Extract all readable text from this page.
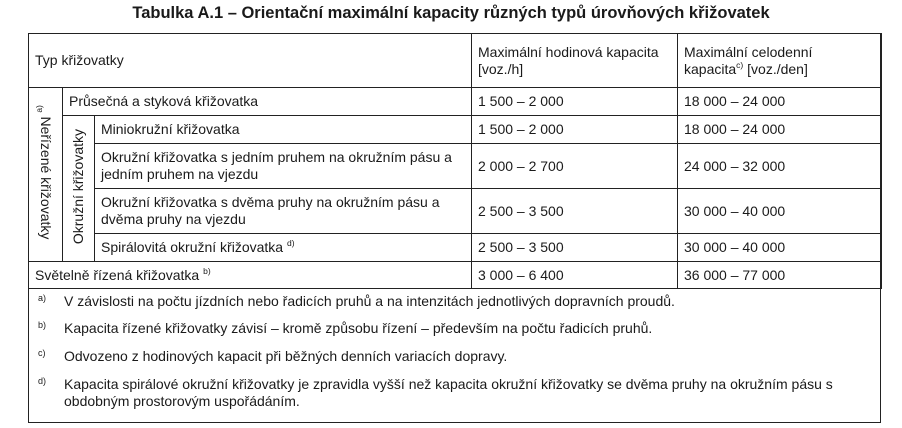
Tabulka A.1 – Orientační maximální kapacity různých typů úrovňových křižovatek
Typ křižovatky			Maximální hodinová kapacita [voz./h]	Maximální celodenní kapacita$^{c)}$ [voz./den]
Neřízené křižovatky $^{a)}$	Průsečná a styková křižovatka		1 500 – 2 000	18 000 – 24 000
	Okružní křižovatky	Miniokružní křižovatka	1 500 – 2 000	18 000 – 24 000
		Okružní křižovatka s jedním pruhem na okružním pásu a jedním pruhem na vjezdu	2 000 – 2 700	24 000 – 32 000
		Okružní křižovatka s dvěma pruhy na okružním pásu a dvěma pruhy na vjezdu	2 500 – 3 500	30 000 – 40 000
		Spirálovitá okružní křižovatka $^{d)}$	2 500 – 3 500	30 000 – 40 000
Světelně řízená křižovatka $^{b)}$			3 000 – 6 400	36 000 – 77 000
a) V závislosti na počtu jízdních nebo řadicích pruhů a na intenzitách jednotlivých dopravních proudů.
b) Kapacita řízené křižovatky závisí – kromě způsobu řízení – především na počtu řadicích pruhů.
c) Odvozeno z hodinových kapacit při běžných denních variacích dopravy.
d) Kapacita spirálové okružní křižovatky je zpravidla vyšší než kapacita okružní křižovatky se dvěma pruhy na okružním pásu s obdobným prostorovým uspořádáním.
